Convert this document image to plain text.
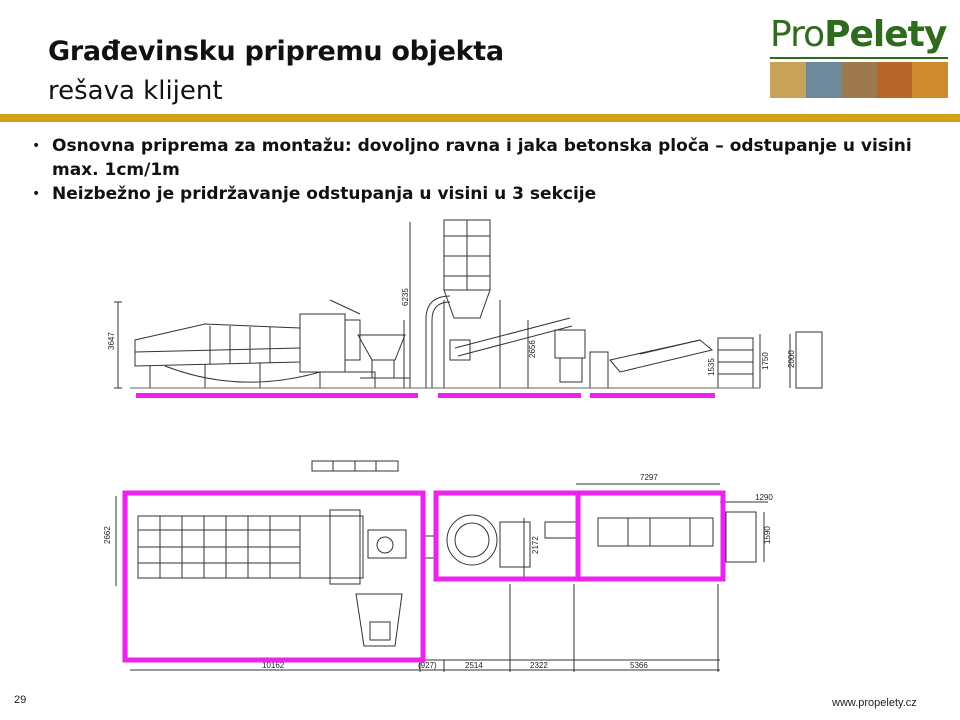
Građevinsku pripremu objekta
rešava klijent
ProPelety
• Osnovna priprema za montažu: dovoljno ravna i jaka betonska ploča – odstupanje u visini max. 1cm/1m
• Neizbežno je pridržavanje odstupanja u visini u 3 sekcije
3647
6235
2656
1535	1750 2000
2662
2172
7297
1290
1590
10162	(927)	2514	2322	5366
29	www.propelety.cz
